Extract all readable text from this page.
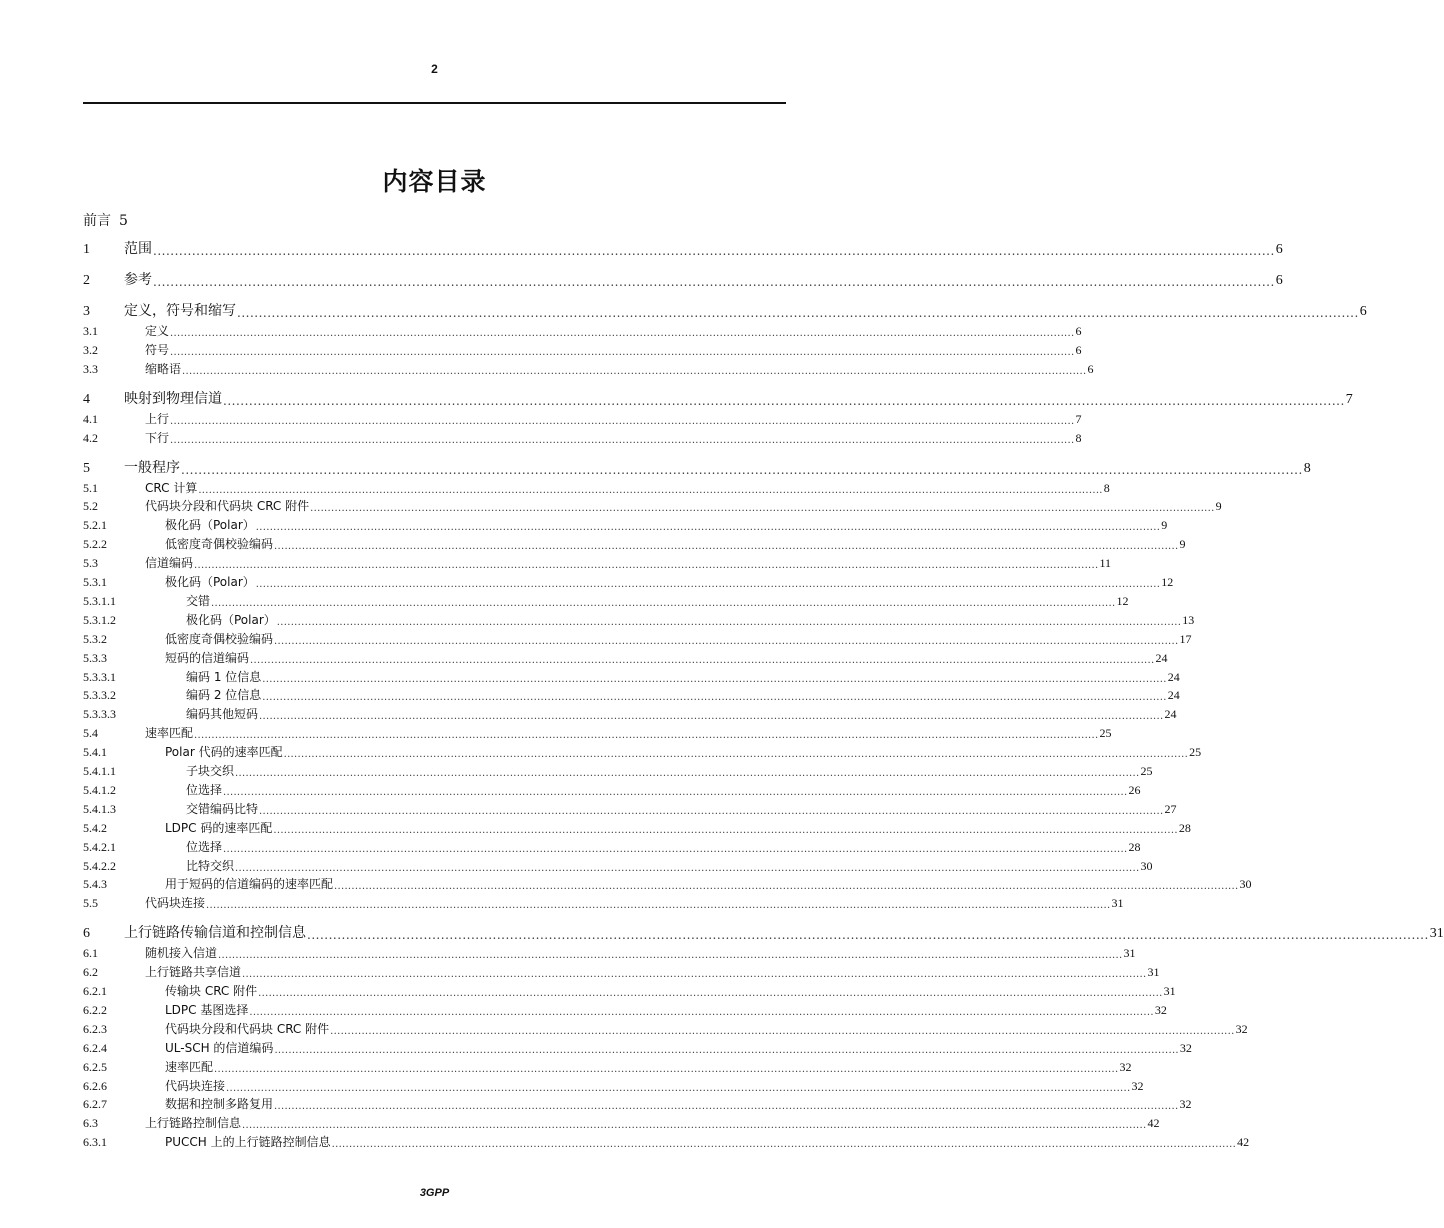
2
内容目录
前言 5
1	范围 .................................................................................................................................................................................................................................................................... 6
2	参考 .................................................................................................................................................................................................................................................................... 6
3	定义，符号和缩写 .................................................................................................................................................................................................................................................................... 6
3.1	定义 .................................................................................................................................................................................................................................................................... 6
3.2	符号 .................................................................................................................................................................................................................................................................... 6
3.3	缩略语 .................................................................................................................................................................................................................................................................... 6
4	映射到物理信道 .................................................................................................................................................................................................................................................................... 7
4.1	上行 .................................................................................................................................................................................................................................................................... 7
4.2	下行 .................................................................................................................................................................................................................................................................... 8
5	一般程序 .................................................................................................................................................................................................................................................................... 8
5.1	CRC 计算 .................................................................................................................................................................................................................................................................... 8
5.2	代码块分段和代码块 CRC 附件 .................................................................................................................................................................................................................................................................... 9
5.2.1	极化码（Polar） .................................................................................................................................................................................................................................................................... 9
5.2.2	低密度奇偶校验编码 .................................................................................................................................................................................................................................................................... 9
5.3	信道编码 .................................................................................................................................................................................................................................................................... 11
5.3.1	极化码（Polar） .................................................................................................................................................................................................................................................................... 12
5.3.1.1	交错 .................................................................................................................................................................................................................................................................... 12
5.3.1.2	极化码（Polar） .................................................................................................................................................................................................................................................................... 13
5.3.2	低密度奇偶校验编码 .................................................................................................................................................................................................................................................................... 17
5.3.3	短码的信道编码 .................................................................................................................................................................................................................................................................... 24
5.3.3.1	编码 1 位信息 .................................................................................................................................................................................................................................................................... 24
5.3.3.2	编码 2 位信息 .................................................................................................................................................................................................................................................................... 24
5.3.3.3	编码其他短码 .................................................................................................................................................................................................................................................................... 24
5.4	速率匹配 .................................................................................................................................................................................................................................................................... 25
5.4.1	Polar 代码的速率匹配 .................................................................................................................................................................................................................................................................... 25
5.4.1.1	子块交织 .................................................................................................................................................................................................................................................................... 25
5.4.1.2	位选择 .................................................................................................................................................................................................................................................................... 26
5.4.1.3	交错编码比特 .................................................................................................................................................................................................................................................................... 27
5.4.2	LDPC 码的速率匹配 .................................................................................................................................................................................................................................................................... 28
5.4.2.1	位选择 .................................................................................................................................................................................................................................................................... 28
5.4.2.2	比特交织 .................................................................................................................................................................................................................................................................... 30
5.4.3	用于短码的信道编码的速率匹配 .................................................................................................................................................................................................................................................................... 30
5.5	代码块连接 .................................................................................................................................................................................................................................................................... 31
6	上行链路传输信道和控制信息 .................................................................................................................................................................................................................................................................... 31
6.1	随机接入信道 .................................................................................................................................................................................................................................................................... 31
6.2	上行链路共享信道 .................................................................................................................................................................................................................................................................... 31
6.2.1	传输块 CRC 附件 .................................................................................................................................................................................................................................................................... 31
6.2.2	LDPC 基图选择 .................................................................................................................................................................................................................................................................... 32
6.2.3	代码块分段和代码块 CRC 附件 .................................................................................................................................................................................................................................................................... 32
6.2.4	UL-SCH 的信道编码 .................................................................................................................................................................................................................................................................... 32
6.2.5	速率匹配 .................................................................................................................................................................................................................................................................... 32
6.2.6	代码块连接 .................................................................................................................................................................................................................................................................... 32
6.2.7	数据和控制多路复用 .................................................................................................................................................................................................................................................................... 32
6.3	上行链路控制信息 .................................................................................................................................................................................................................................................................... 42
6.3.1	PUCCH 上的上行链路控制信息 .................................................................................................................................................................................................................................................................... 42
3GPP
